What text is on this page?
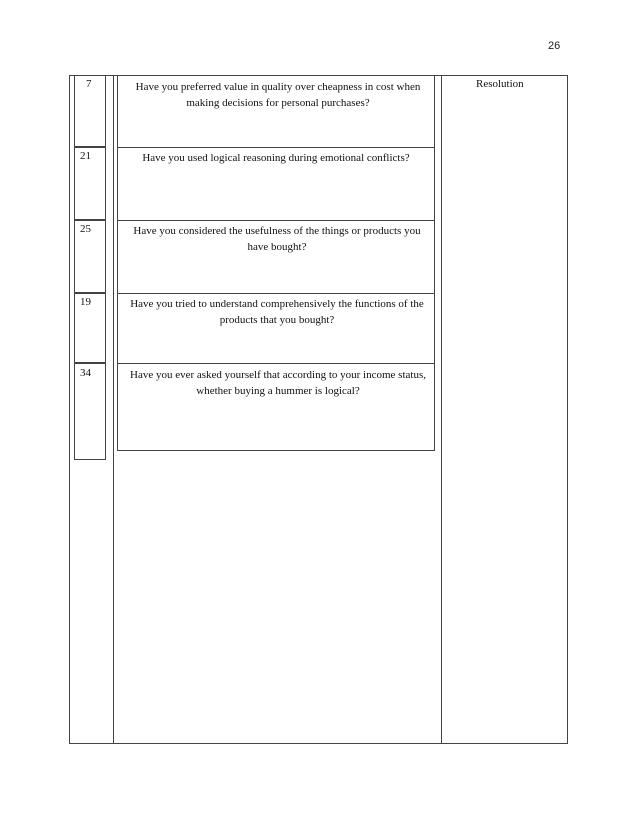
26
7
21
25
19
34
Have you preferred value in quality over cheapness in cost when making decisions for personal purchases?
Have you used logical reasoning during emotional conflicts?
Have you considered the usefulness of the things or products you have bought?
Have you tried to understand comprehensively the functions of the products that you bought?
Have you ever asked yourself that according to your income status, whether buying a hummer is logical?
Resolution
